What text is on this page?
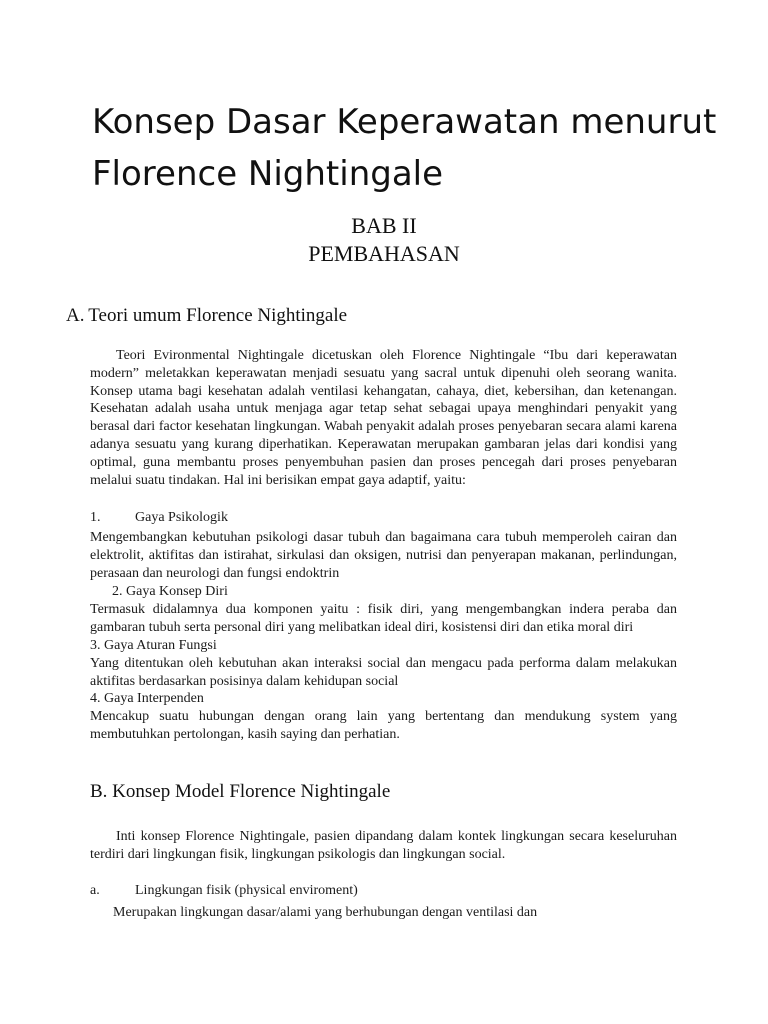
Konsep Dasar Keperawatan menurut
Florence Nightingale
BAB II
PEMBAHASAN
A. Teori umum Florence Nightingale
Teori Evironmental Nightingale dicetuskan oleh Florence Nightingale “Ibu dari keperawatan modern” meletakkan keperawatan menjadi sesuatu yang sacral untuk dipenuhi oleh seorang wanita. Konsep utama bagi kesehatan adalah ventilasi kehangatan, cahaya, diet, kebersihan, dan ketenangan. Kesehatan adalah usaha untuk menjaga agar tetap sehat sebagai upaya menghindari penyakit yang berasal dari factor kesehatan lingkungan. Wabah penyakit adalah proses penyebaran secara alami karena adanya sesuatu yang kurang diperhatikan. Keperawatan merupakan gambaran jelas dari kondisi yang optimal, guna membantu proses penyembuhan pasien dan proses pencegah dari proses penyebaran melalui suatu tindakan. Hal ini berisikan empat gaya adaptif, yaitu:
1. Gaya Psikologik
Mengembangkan kebutuhan psikologi dasar tubuh dan bagaimana cara tubuh memperoleh cairan dan elektrolit, aktifitas dan istirahat, sirkulasi dan oksigen, nutrisi dan penyerapan makanan, perlindungan, perasaan dan neurologi dan fungsi endoktrin
2. Gaya Konsep Diri
Termasuk didalamnya dua komponen yaitu : fisik diri, yang mengembangkan indera peraba dan gambaran tubuh serta personal diri yang melibatkan ideal diri, kosistensi diri dan etika moral diri
3. Gaya Aturan Fungsi
Yang ditentukan oleh kebutuhan akan interaksi social dan mengacu pada performa dalam melakukan aktifitas berdasarkan posisinya dalam kehidupan social
4. Gaya Interpenden
Mencakup suatu hubungan dengan orang lain yang bertentang dan mendukung system yang membutuhkan pertolongan, kasih saying dan perhatian.
B. Konsep Model Florence Nightingale
Inti konsep Florence Nightingale, pasien dipandang dalam kontek lingkungan secara keseluruhan terdiri dari lingkungan fisik, lingkungan psikologis dan lingkungan social.
a.	Lingkungan fisik (physical enviroment)
Merupakan lingkungan dasar/alami yang berhubungan dengan ventilasi dan
